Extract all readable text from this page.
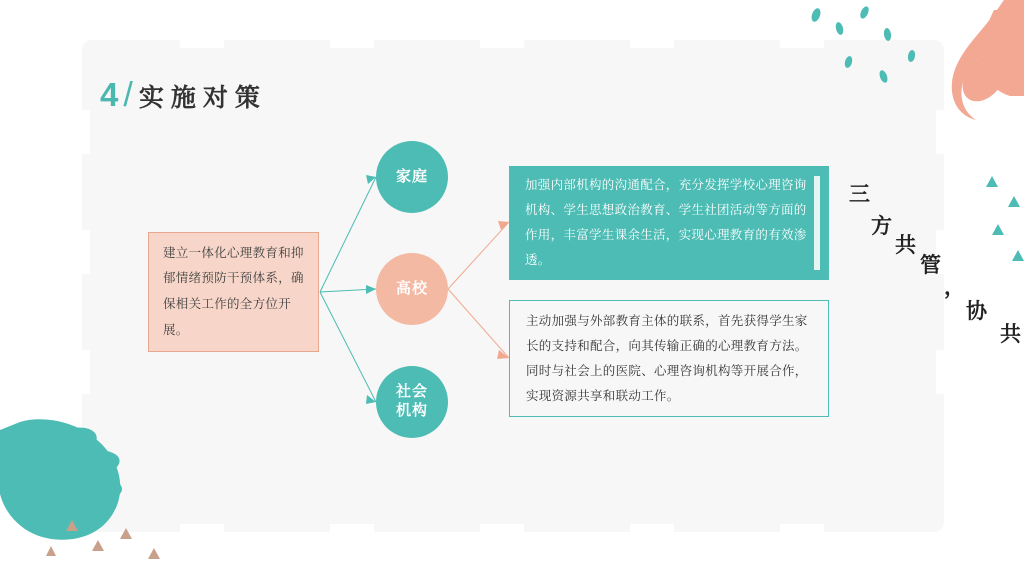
4 / 实施对策

建立一体化心理教育和抑郁情绪预防干预体系，确保相关工作的全方位开展。

家庭
高校
社会
机构

加强内部机构的沟通配合，充分发挥学校心理咨询机构、学生思想政治教育、学生社团活动等方面的作用，丰富学生课余生活，实现心理教育的有效渗透。

主动加强与外部教育主体的联系，首先获得学生家长的支持和配合，向其传输正确的心理教育方法。同时与社会上的医院、心理咨询机构等开展合作，实现资源共享和联动工作。

三
方
共
管
，
协
共
